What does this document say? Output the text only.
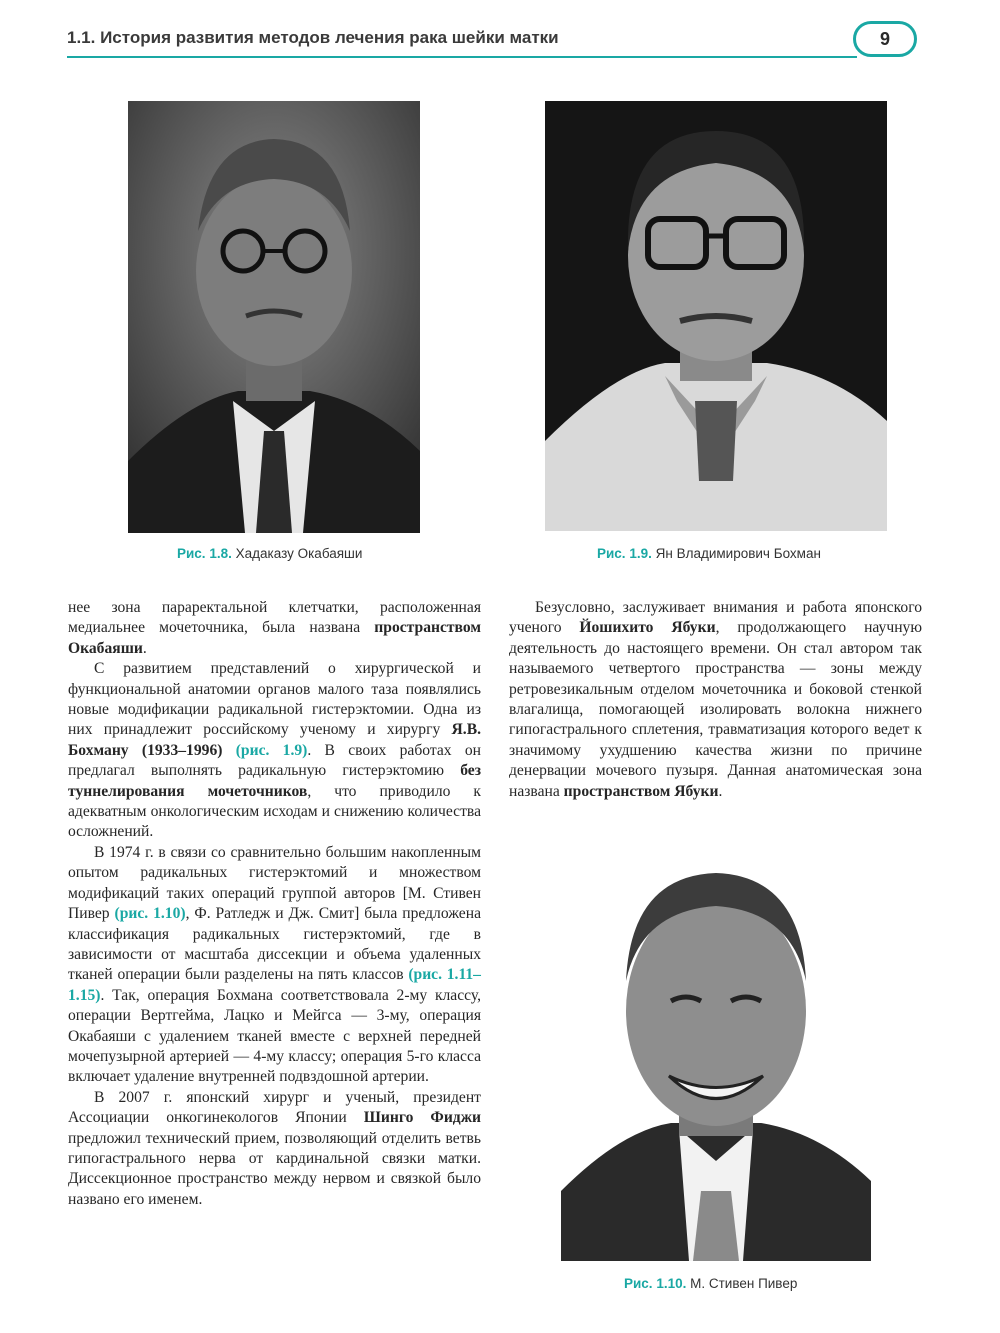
1.1. История развития методов лечения рака шейки матки	9
Рис. 1.8. Хадаказу Окабаяши	Рис. 1.9. Ян Владимирович Бохман
Рис. 1.10. М. Стивен Пивер

нее зона параректальной клетчатки, расположенная медиальнее мочеточника, была названа пространством Окабаяши.

С развитием представлений о хирургической и функциональной анатомии органов малого таза появлялись новые модификации радикальной гистерэктомии. Одна из них принадлежит российскому ученому и хирургу Я.В. Бохману (1933–1996) (рис. 1.9). В своих работах он предлагал выполнять радикальную гистерэктомию без туннелирования мочеточников, что приводило к адекватным онкологическим исходам и снижению количества осложнений.

В 1974 г. в связи со сравнительно большим накопленным опытом радикальных гистерэктомий и множеством модификаций таких операций группой авторов [М. Стивен Пивер (рис. 1.10), Ф. Ратледж и Дж. Смит] была предложена классификация радикальных гистерэктомий, где в зависимости от масштаба диссекции и объема удаленных тканей операции были разделены на пять классов (рис. 1.11–1.15). Так, операция Бохмана соответствовала 2-му классу, операции Вертгейма, Лацко и Мейгса — 3-му, операция Окабаяши с удалением тканей вместе с верхней передней мочепузырной артерией — 4-му классу; операция 5-го класса включает удаление внутренней подвздошной артерии.

В 2007 г. японский хирург и ученый, президент Ассоциации онкогинекологов Японии Шинго Фиджи предложил технический прием, позволяющий отделить ветвь гипогастрального нерва от кардинальной связки матки. Диссекционное пространство между нервом и связкой было названо его именем.

Безусловно, заслуживает внимания и работа японского ученого Йошихито Ябуки, продолжающего научную деятельность до настоящего времени. Он стал автором так называемого четвертого пространства — зоны между ретровезикальным отделом мочеточника и боковой стенкой влагалища, помогающей изолировать волокна нижнего гипогастрального сплетения, травматизация которого ведет к значимому ухудшению качества жизни по причине денервации мочевого пузыря. Данная анатомическая зона названа пространством Ябуки.
